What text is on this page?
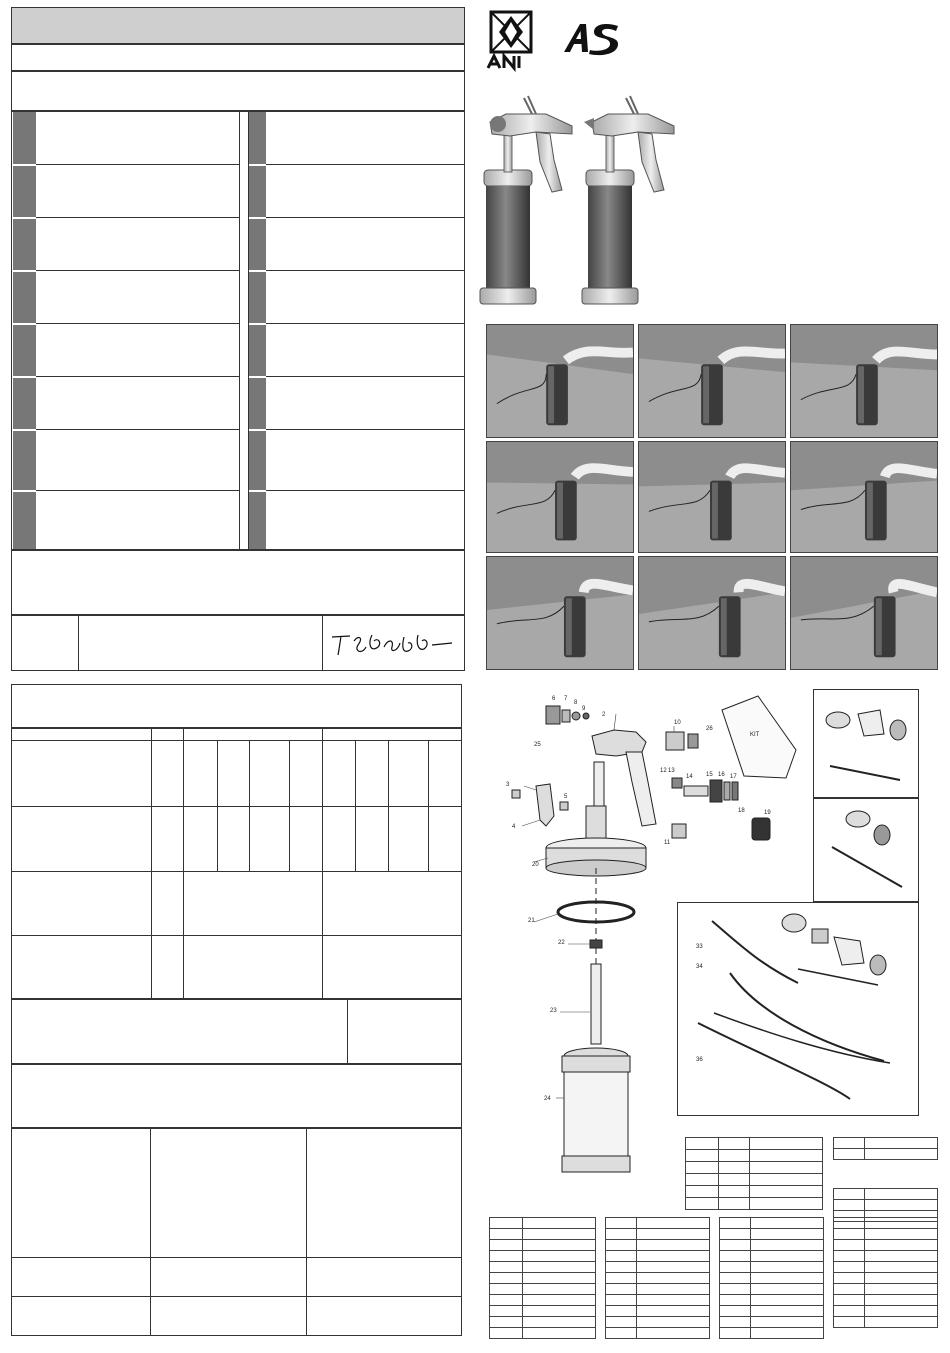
KIT
2
3
4
5
6 7
8
9
10
11
12 13
14 15 16 17
18	19
20
21
22
23
24
25
26
33
34
36
